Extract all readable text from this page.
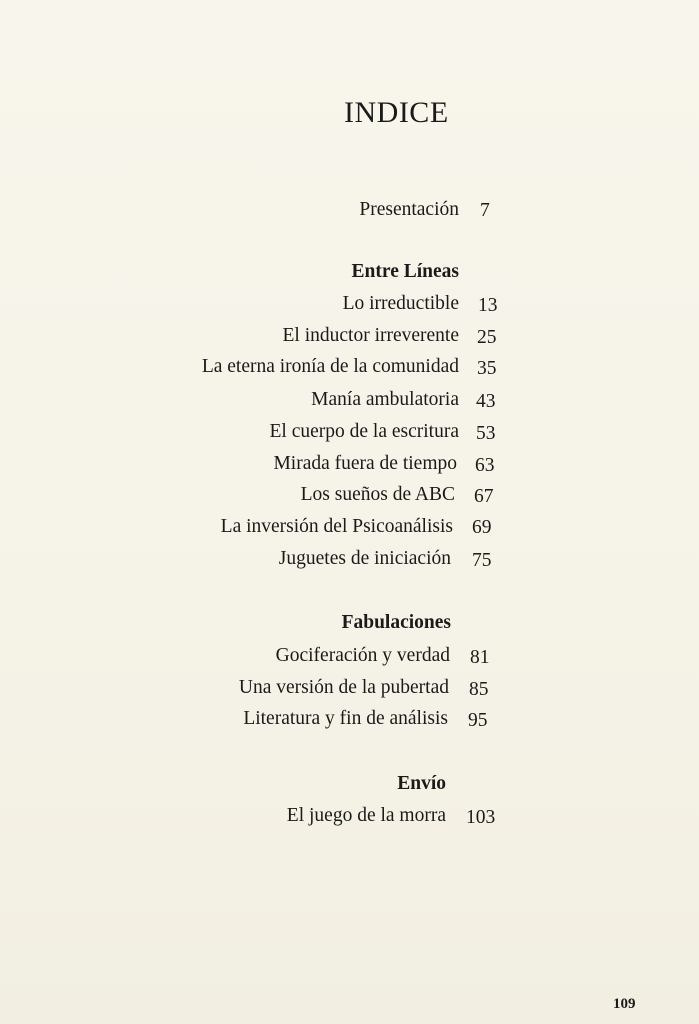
INDICE
Presentación 7
Entre Líneas
Lo irreductible 13
El inductor irreverente 25
La eterna ironía de la comunidad 35
Manía ambulatoria 43
El cuerpo de la escritura 53
Mirada fuera de tiempo 63
Los sueños de ABC 67
La inversión del Psicoanálisis 69
Juguetes de iniciación 75
Fabulaciones
Gociferación y verdad 81
Una versión de la pubertad 85
Literatura y fin de análisis 95
Envío
El juego de la morra 103
109
